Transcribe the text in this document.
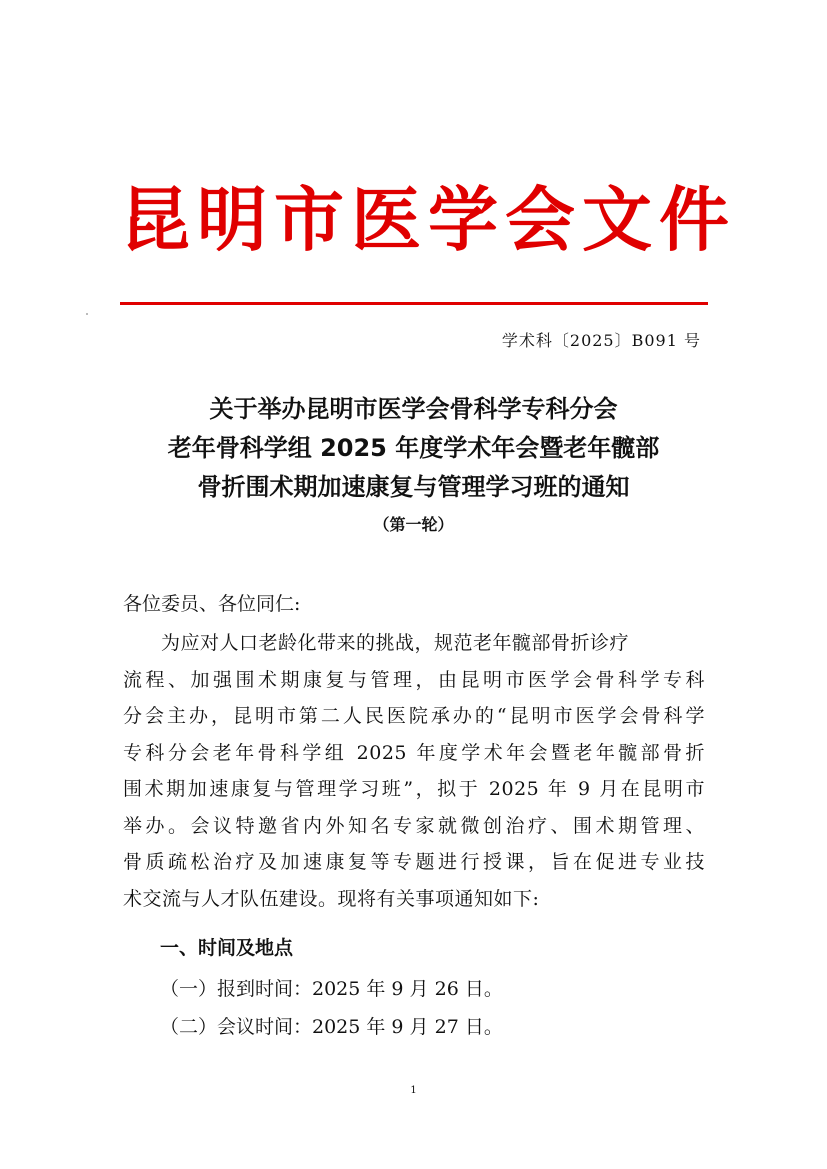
昆明市医学会文件
学术科〔2025〕B091 号
关于举办昆明市医学会骨科学专科分会
老年骨科学组 2025 年度学术年会暨老年髋部
骨折围术期加速康复与管理学习班的通知
（第一轮）
各位委员、各位同仁:
为应对人口老龄化带来的挑战，规范老年髋部骨折诊疗
流程、加强围术期康复与管理，由昆明市医学会骨科学专科
分会主办，昆明市第二人民医院承办的“昆明市医学会骨科学
专科分会老年骨科学组 2025 年度学术年会暨老年髋部骨折
围术期加速康复与管理学习班”，拟于 2025 年 9 月在昆明市
举办。会议特邀省内外知名专家就微创治疗、围术期管理、
骨质疏松治疗及加速康复等专题进行授课，旨在促进专业技
术交流与人才队伍建设。现将有关事项通知如下:
一、时间及地点
（一）报到时间：2025 年 9 月 26 日。
（二）会议时间：2025 年 9 月 27 日。
1
